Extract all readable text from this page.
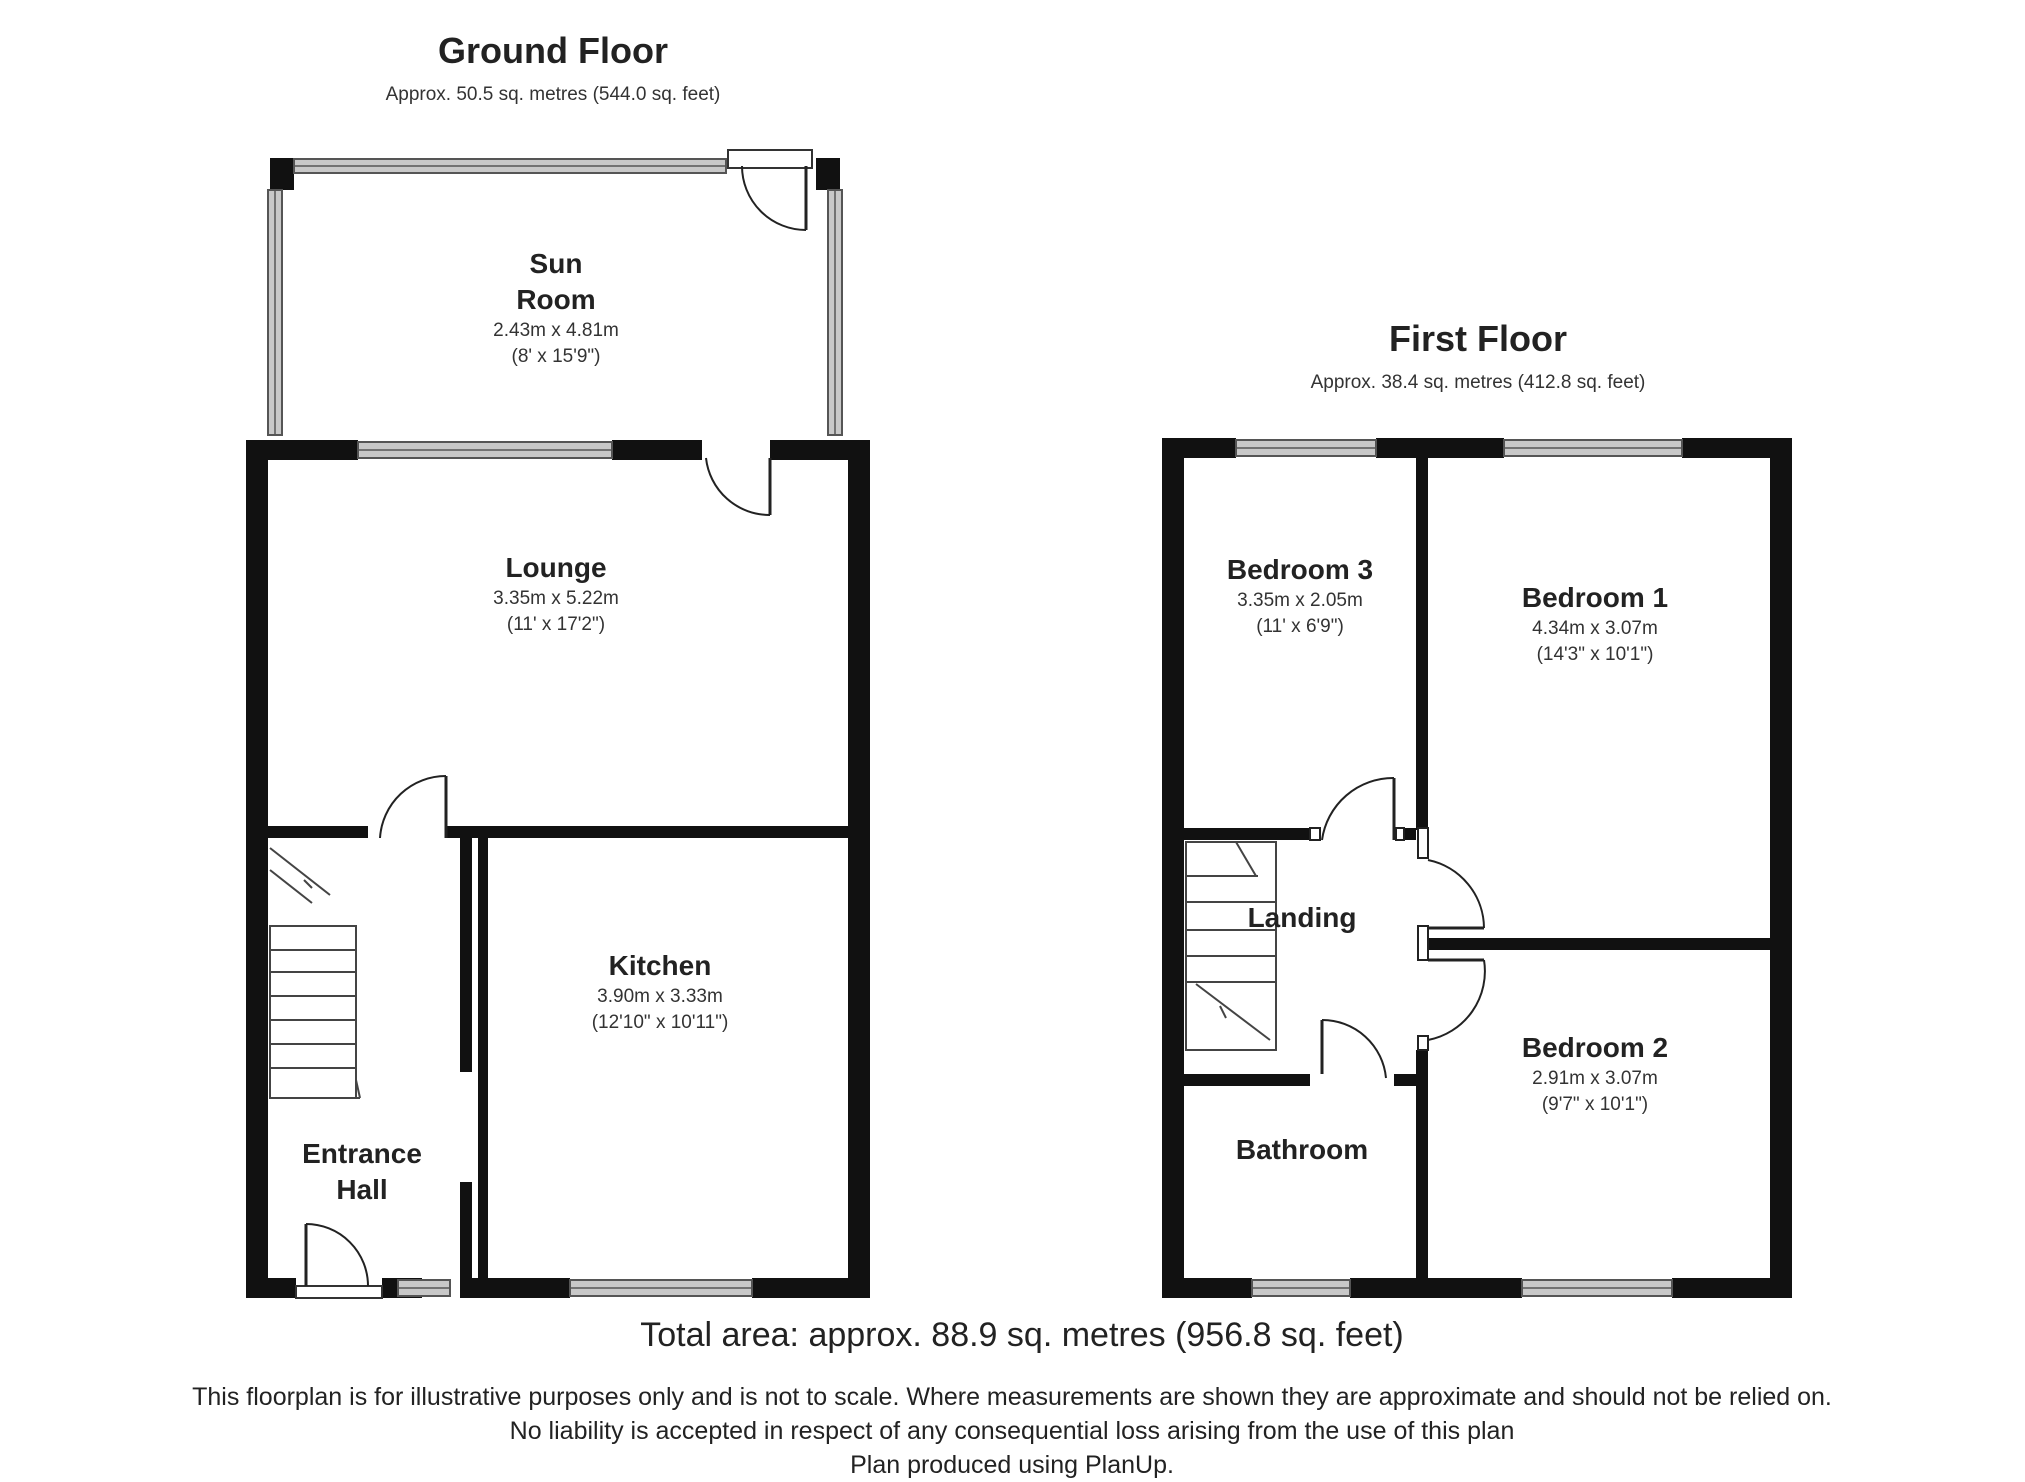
Ground Floor
Approx. 50.5 sq. metres (544.0 sq. feet)
Sun
Room
2.43m x 4.81m
(8' x 15'9")
Lounge
3.35m x 5.22m
(11' x 17'2")
Kitchen
3.90m x 3.33m
(12'10" x 10'11")
Entrance
Hall
First Floor
Approx. 38.4 sq. metres (412.8 sq. feet)
Bedroom 3
3.35m x 2.05m
(11' x 6'9")
Bedroom 1
4.34m x 3.07m
(14'3" x 10'1")
Landing
Bedroom 2
2.91m x 3.07m
(9'7" x 10'1")
Bathroom
Total area: approx. 88.9 sq. metres (956.8 sq. feet)
This floorplan is for illustrative purposes only and is not to scale. Where measurements are shown they are approximate and should not be relied on.
No liability is accepted in respect of any consequential loss arising from the use of this plan
Plan produced using PlanUp.
